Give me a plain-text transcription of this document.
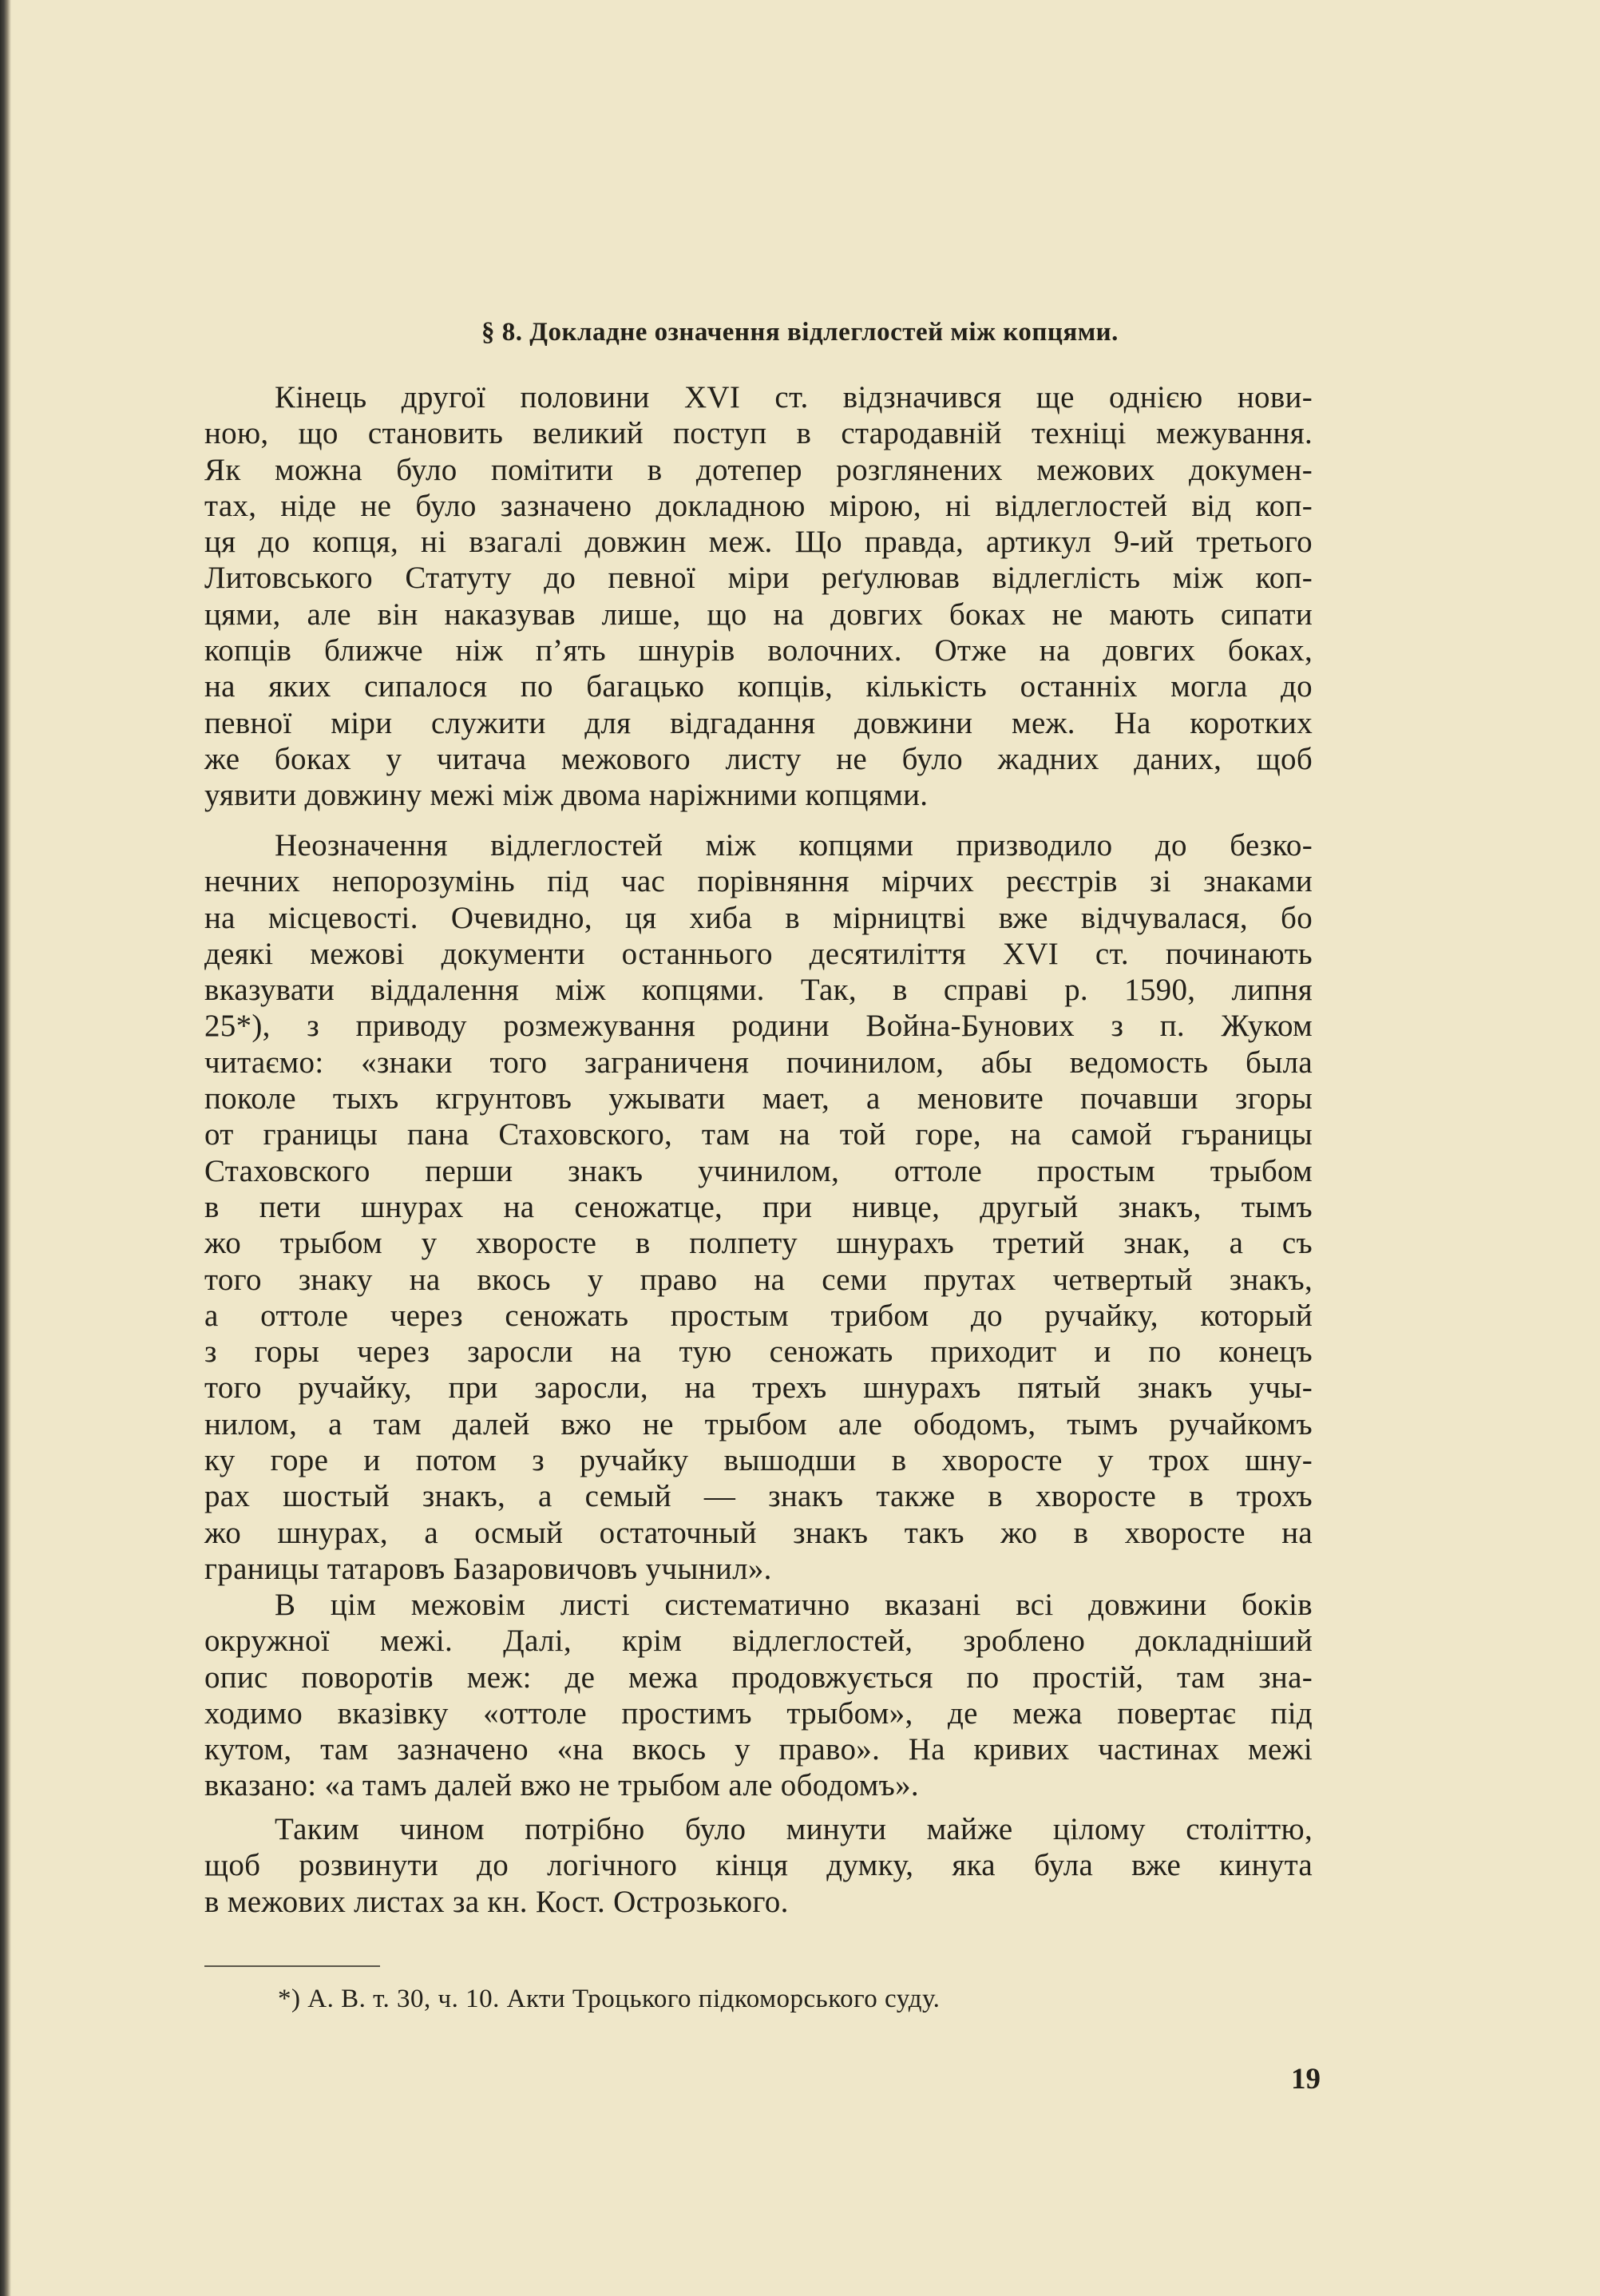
§ 8. Докладне означення відлеглостей між копцями.
Кінець другої половини XVI ст. відзначився ще однією нови-
ною, що становить великий поступ в стародавній техніці межування.
Як можна було помітити в дотепер розглянених межових докумен-
тах, ніде не було зазначено докладною мірою, ні відлеглостей від коп-
ця до копця, ні взагалі довжин меж. Що правда, артикул 9-ий третього
Литовського Статуту до певної міри реґулював відлеглість між коп-
цями, але він наказував лише, що на довгих боках не мають сипати
копців ближче ніж п’ять шнурів волочних. Отже на довгих боках,
на яких сипалося по багацько копців, кількість останніх могла до
певної міри служити для відгадання довжини меж. На коротких
же боках у читача межового листу не було жадних даних, щоб
уявити довжину межі між двома наріжними копцями.
Неозначення відлеглостей між копцями призводило до безко-
нечних непорозумінь під час порівняння мірчих реєстрів зі знаками
на місцевості. Очевидно, ця хиба в мірництві вже відчувалася, бо
деякі межові документи останнього десятиліття XVI ст. починають
вказувати віддалення між копцями. Так, в справі р. 1590, липня
25*), з приводу розмежування родини Война-Бунових з п. Жуком
читаємо: «знаки того заграниченя починилом, абы ведомость была
поколе тыхъ кгрунтовъ ужывати мает, а меновите почавши згоры
от границы пана Стаховского, там на той горе, на самой гъраницы
Стаховского перши знакъ учинилом, оттоле простым трыбом
в пети шнурах на сеножатце, при нивце, другый знакъ, тымъ
жо трыбом у хворосте в полпету шнурахъ третий знак, а съ
того знаку на вкось у право на семи прутах четвертый знакъ,
а оттоле через сеножать простым трибом до ручайку, который
з горы через заросли на тую сеножать приходит и по конецъ
того ручайку, при заросли, на трехъ шнурахъ пятый знакъ учы-
нилом, а там далей вжо не трыбом але ободомъ, тымъ ручайкомъ
ку горе и потом з ручайку вышодши в хворосте у трох шну-
рах шостый знакъ, а семый — знакъ также в хворосте в трохъ
жо шнурах, а осмый остаточный знакъ такъ жо в хворосте на
границы татаровъ Базаровичовъ учынил».
В цім межовім листі систематично вказані всі довжини боків
окружної межі. Далі, крім відлеглостей, зроблено докладніший
опис поворотів меж: де межа продовжується по простій, там зна-
ходимо вказівку «оттоле простимъ трыбом», де межа повертає під
кутом, там зазначено «на вкось у право». На кривих частинах межі
вказано: «а тамъ далей вжо не трыбом але ободомъ».
Таким чином потрібно було минути майже цілому століттю,
щоб розвинути до логічного кінця думку, яка була вже кинута
в межових листах за кн. Кост. Острозького.
*) А. В. т. 30, ч. 10. Акти Троцького підкоморського суду.
19
